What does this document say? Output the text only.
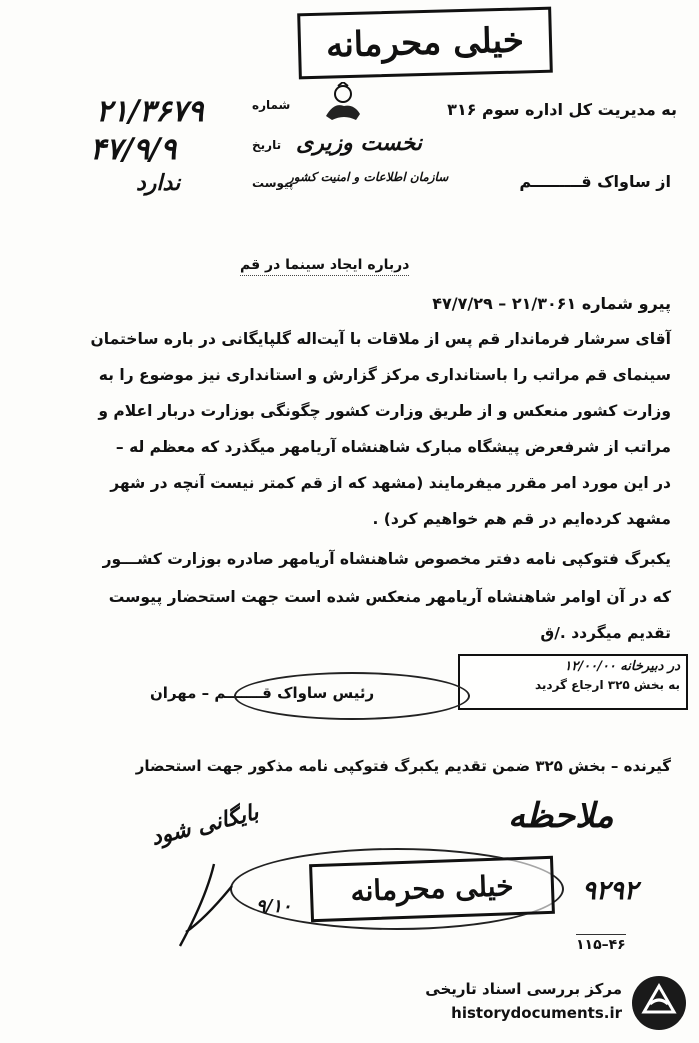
خیلی محرمانه
به مدیریت کل اداره سوم ۳۱۶
شماره
۲۱/۳۶۷۹
تاریخ
۴۷/۹/۹
پیوست
ندارد
نخست وزیری
سازمان اطلاعات و امنیت کشور	از ساواک قـــــــــم
درباره ایجاد سینما در قم
پیرو شماره ۲۱/۳۰۶۱ – ۴۷/۷/۲۹
آقای سرشار فرماندار قم پس از ملاقات با آیت‌اله گلپایگانی در باره ساختمان
سینمای قم مراتب را باستانداری مرکز گزارش و استانداری نیز موضوع را به
وزارت کشور منعکس و از طریق وزارت کشور چگونگی بوزارت دربار اعلام و
مراتب از شرفعرض پیشگاه مبارک شاهنشاه آریامهر میگذرد که معظم له –
در این مورد امر مقرر میفرمایند (مشهد که از قم کمتر نیست آنچه در شهر
مشهد کرده‌ایم در قم هم خواهیم کرد) .
یکبرگ فتوکپی نامه دفتر مخصوص شاهنشاه آریامهر صادره بوزارت کشـــور
که در آن اوامر شاهنشاه آریامهر منعکس شده است جهت استحضار پیوست
تقدیم میگردد ./ق
در دبیرخانه ۱۲/۰۰/۰۰
به بخش ۳۲۵ ارجاع گردید
رئیس ساواک قـــــــم – مهران
گیرنده – بخش ۳۲۵ ضمن تقدیم یکبرگ فتوکپی نامه مذکور جهت استحضار
ملاحظه
بایگانی شود
خیلی محرمانه
۹/۱۰
۹۲۹۲
۴۶–۱۱۵
مرکز بررسی اسناد تاریخی
historydocuments.ir
